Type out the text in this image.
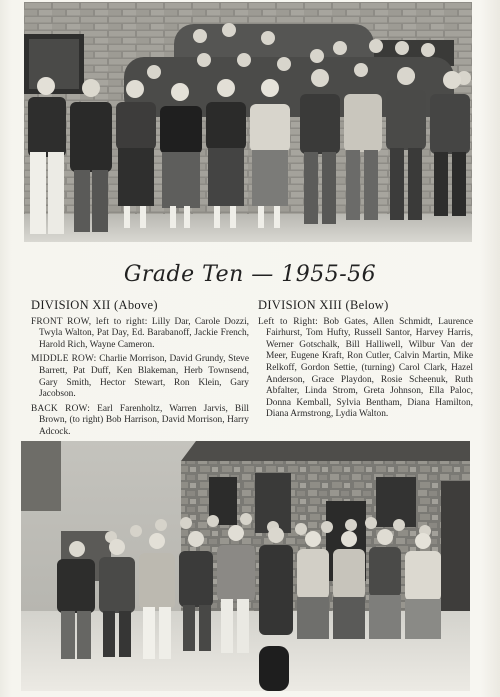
Grade Ten — 1955-56
DIVISION XII (Above)

FRONT ROW, left to right: Lilly Dar, Carole Dozzi, Twyla Walton, Pat Day, Ed. Barabanoff, Jackie French, Harold Rich, Wayne Cameron.

MIDDLE ROW: Charlie Morrison, David Grundy, Steve Barrett, Pat Duff, Ken Blakeman, Herb Townsend, Gary Smith, Hector Stewart, Ron Klein, Gary Jacobson.

BACK ROW: Earl Farenholtz, Warren Jarvis, Bill Brown, (to right) Bob Harrison, David Morrison, Harry Adcock.

DIVISION XIII (Below)

Left to Right: Bob Gates, Allen Schmidt, Laurence Fairhurst, Tom Hufty, Russell Santor, Harvey Harris, Werner Gotschalk, Bill Halliwell, Wilbur Van der Meer, Eugene Kraft, Ron Cutler, Calvin Martin, Mike Relkoff, Gordon Settie, (turning) Carol Clark, Hazel Anderson, Grace Playdon, Rosie Scheenuk, Ruth Abfalter, Linda Strom, Greta Johnson, Ella Paloc, Donna Kemball, Sylvia Bentham, Diana Hamilton, Diana Armstrong, Lydia Walton.
